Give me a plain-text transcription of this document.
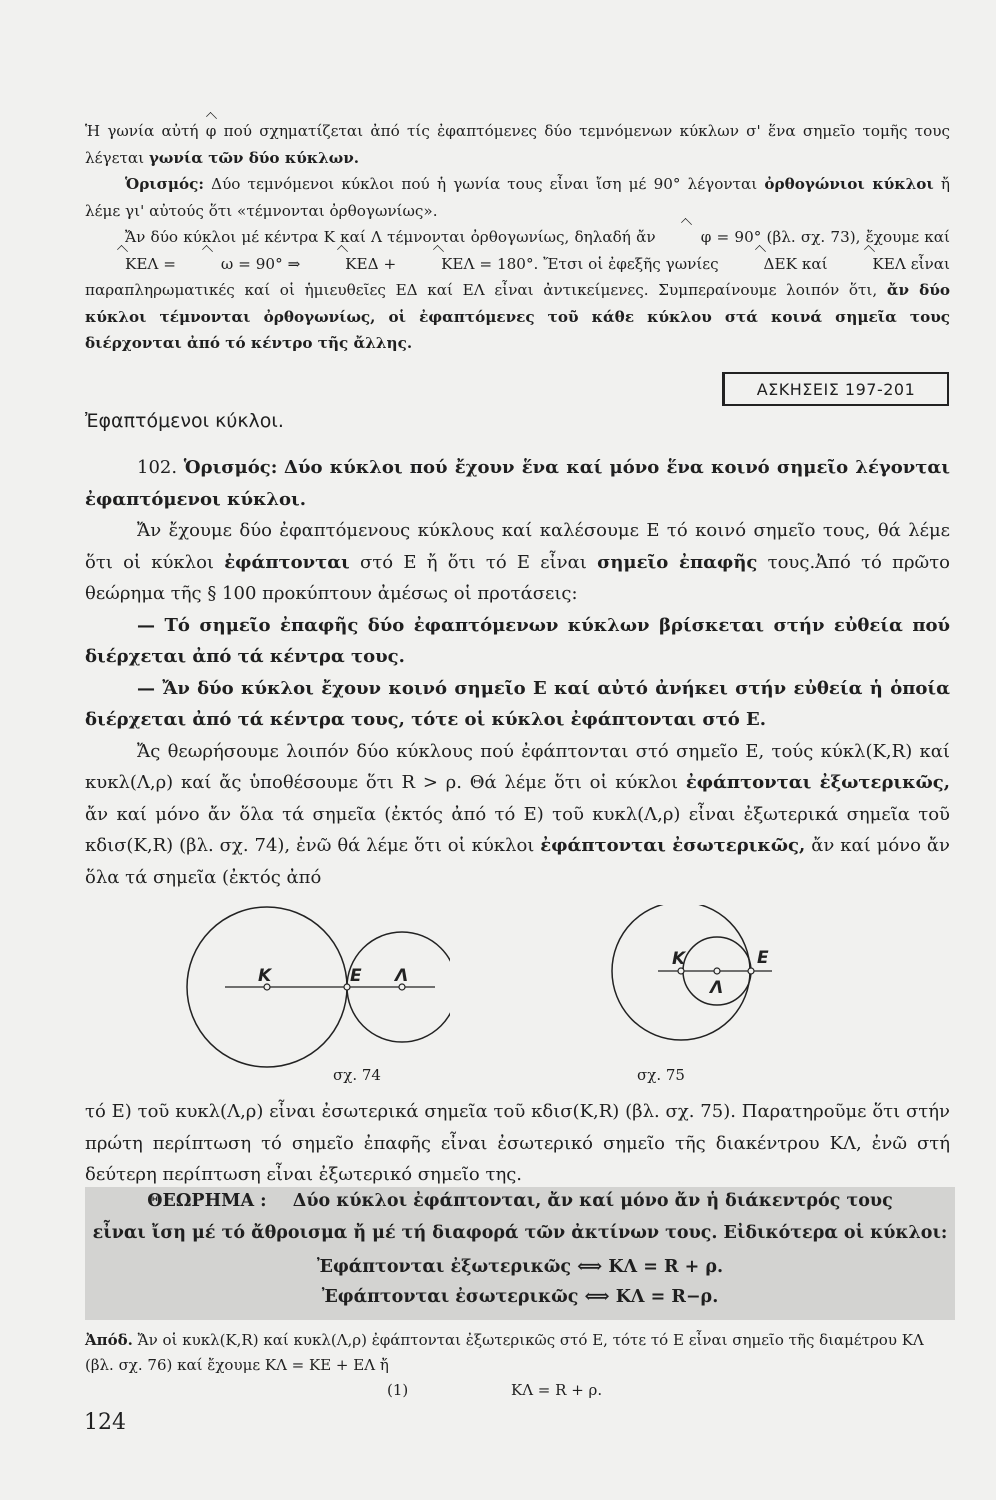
Ἡ γωνία αὐτή φ πού σχηματίζεται ἀπό τίς ἐφαπτόμενες δύο τεμνόμενων κύκλων σ' ἕνα σημεῖο τομῆς τους λέγεται γωνία τῶν δύο κύκλων.

Ὁρισμός: Δύο τεμνόμενοι κύκλοι πού ἡ γωνία τους εἶναι ἴση μέ 90° λέγονται ὀρθογώνιοι κύκλοι ἤ λέμε γι' αὐτούς ὅτι «τέμνονται ὀρθογωνίως».

Ἄν δύο κύκλοι μέ κέντρα Κ καί Λ τέμνονται ὀρθογωνίως, δηλαδή ἄν	φ = 90° (βλ. σχ. 73), ἔχουμε καί ΚΕΛ =	ω = 90° ⇒	ΚΕΔ +	ΚΕΛ = 180°. Ἔτσι οἱ ἐφεξῆς γωνίες	ΔΕΚ καί	ΚΕΛ εἶναι παραπληρωματικές καί οἱ ἡμιευθεῖες ΕΔ καί ΕΛ εἶναι ἀντικείμενες. Συμπεραίνουμε λοιπόν ὅτι, ἄν δύο κύκλοι τέμνονται ὀρθογωνίως, οἱ ἐφαπτόμενες τοῦ κάθε κύκλου στά κοινά σημεῖα τους διέρχονται ἀπό τό κέντρο τῆς ἄλλης.

ΑΣΚΗΣΕΙΣ 197-201
Ἐφαπτόμενοι κύκλοι.

102. Ὁρισμός: Δύο κύκλοι πού ἔχουν ἕνα καί μόνο ἕνα κοινό σημεῖο λέγονται ἐφαπτόμενοι κύκλοι.

Ἄν ἔχουμε δύο ἐφαπτόμενους κύκλους καί καλέσουμε Ε τό κοινό σημεῖο τους, θά λέμε ὅτι οἱ κύκλοι ἐφάπτονται στό Ε ἤ ὅτι τό Ε εἶναι σημεῖο ἐπαφῆς τους.Ἀπό τό πρῶτο θεώρημα τῆς § 100 προκύπτουν ἀμέσως οἱ προτάσεις:

— Τό σημεῖο ἐπαφῆς δύο ἐφαπτόμενων κύκλων βρίσκεται στήν εὐθεία πού διέρχεται ἀπό τά κέντρα τους.

— Ἄν δύο κύκλοι ἔχουν κοινό σημεῖο Ε καί αὐτό ἀνήκει στήν εὐθεία ἡ ὁποία διέρχεται ἀπό τά κέντρα τους, τότε οἱ κύκλοι ἐφάπτονται στό Ε.

Ἄς θεωρήσουμε λοιπόν δύο κύκλους πού ἐφάπτονται στό σημεῖο Ε, τούς κύκλ(Κ,R) καί κυκλ(Λ,ρ) καί ἄς ὑποθέσουμε ὅτι R > ρ. Θά λέμε ὅτι οἱ κύκλοι ἐφάπτονται ἐξωτερικῶς, ἄν καί μόνο ἄν ὅλα τά σημεῖα (ἐκτός ἀπό τό Ε) τοῦ κυκλ(Λ,ρ) εἶναι ἐξωτερικά σημεῖα τοῦ κδισ(Κ,R) (βλ. σχ. 74), ἐνῶ θά λέμε ὅτι οἱ κύκλοι ἐφάπτονται ἐσωτερικῶς, ἄν καί μόνο ἄν ὅλα τά σημεῖα (ἐκτός ἀπό

Κ	Ε Λ
σχ. 74
Κ	Ε
Λ
σχ. 75

τό Ε) τοῦ κυκλ(Λ,ρ) εἶναι ἐσωτερικά σημεῖα τοῦ κδισ(Κ,R) (βλ. σχ. 75). Παρατηροῦμε ὅτι στήν πρώτη περίπτωση τό σημεῖο ἐπαφῆς εἶναι ἐσωτερικό σημεῖο τῆς διακέντρου ΚΛ, ἐνῶ στή δεύτερη περίπτωση εἶναι ἐξωτερικό σημεῖο της.

ΘΕΩΡΗΜΑ : Δύο κύκλοι ἐφάπτονται, ἄν καί μόνο ἄν ἡ διάκεντρός τους
εἶναι ἴση μέ τό ἄθροισμα ἤ μέ τή διαφορά τῶν ἀκτίνων τους. Εἰδικότερα οἱ κύκλοι:
Ἐφάπτονται ἐξωτερικῶς ⟺ ΚΛ = R + ρ.
Ἐφάπτονται ἐσωτερικῶς ⟺ ΚΛ = R−ρ.

Ἀπόδ. Ἄν οἱ κυκλ(Κ,R) καί κυκλ(Λ,ρ) ἐφάπτονται ἐξωτερικῶς στό Ε, τότε τό Ε εἶναι σημεῖο τῆς διαμέτρου ΚΛ (βλ. σχ. 76) καί ἔχουμε ΚΛ = ΚΕ + ΕΛ ἤ

(1)	ΚΛ = R + ρ.

124
